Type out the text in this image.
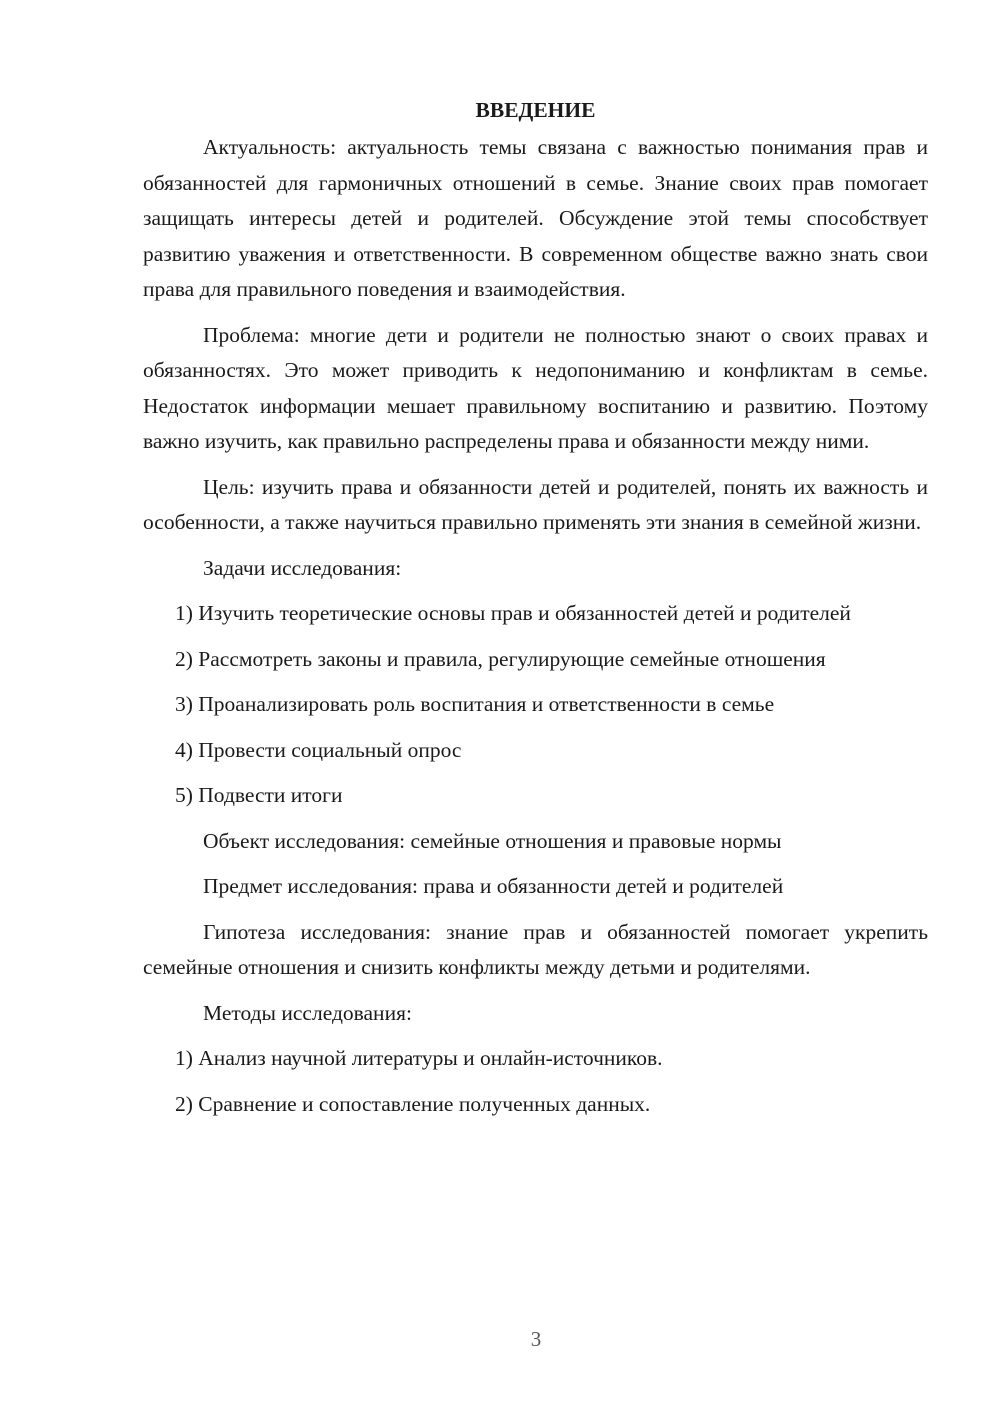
ВВЕДЕНИЕ

Актуальность: актуальность темы связана с важностью понимания прав и обязанностей для гармоничных отношений в семье. Знание своих прав помогает защищать интересы детей и родителей. Обсуждение этой темы способствует развитию уважения и ответственности. В современном обществе важно знать свои права для правильного поведения и взаимодействия.

Проблема: многие дети и родители не полностью знают о своих правах и обязанностях. Это может приводить к недопониманию и конфликтам в семье. Недостаток информации мешает правильному воспитанию и развитию. Поэтому важно изучить, как правильно распределены права и обязанности между ними.

Цель: изучить права и обязанности детей и родителей, понять их важность и особенности, а также научиться правильно применять эти знания в семейной жизни.

Задачи исследования:

1) Изучить теоретические основы прав и обязанностей детей и родителей

2) Рассмотреть законы и правила, регулирующие семейные отношения

3) Проанализировать роль воспитания и ответственности в семье

4) Провести социальный опрос

5) Подвести итоги

Объект исследования: семейные отношения и правовые нормы

Предмет исследования: права и обязанности детей и родителей

Гипотеза исследования: знание прав и обязанностей помогает укрепить семейные отношения и снизить конфликты между детьми и родителями.

Методы исследования:

1) Анализ научной литературы и онлайн-источников.

2) Сравнение и сопоставление полученных данных.

3
